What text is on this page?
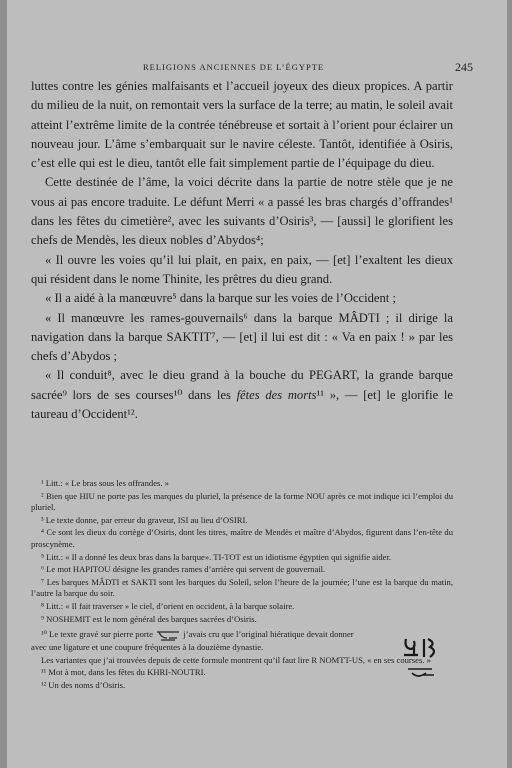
RELIGIONS ANCIENNES DE L’ÉGYPTE	245

luttes contre les génies malfaisants et l’accueil joyeux des dieux propices. A partir du milieu de la nuit, on remontait vers la surface de la terre; au matin, le soleil avait atteint l’extrême limite de la contrée ténébreuse et sortait à l’orient pour éclairer un nouveau jour. L’âme s’embarquait sur le navire céleste. Tantôt, identifiée à Osiris, c’est elle qui est le dieu, tantôt elle fait simplement partie de l’équipage du dieu.

Cette destinée de l’âme, la voici décrite dans la partie de notre stèle que je ne vous ai pas encore traduite. Le défunt Merri « a passé les bras chargés d’offrandes¹ dans les fêtes du cimetière², avec les suivants d’Osiris³, — [aussi] le glorifient les chefs de Mendès, les dieux nobles d’Abydos⁴;

« Il ouvre les voies qu’il lui plait, en paix, en paix, — [et] l’exaltent les dieux qui résident dans le nome Thinite, les prêtres du dieu grand.

« Il a aidé à la manœuvre⁵ dans la barque sur les voies de l’Occident ;

« Il manœuvre les rames-gouvernails⁶ dans la barque MÂDTI ; il dirige la navigation dans la barque SAKTIT⁷, — [et] il lui est dit : « Va en paix ! » par les chefs d’Abydos ;

« Il conduit⁸, avec le dieu grand à la bouche du PEGART, la grande barque sacrée⁹ lors de ses courses¹⁰ dans les fêtes des morts¹¹ », — [et] le glorifie le taureau d’Occident¹².

¹ Litt.: « Le bras sous les offrandes. »

² Bien que HIU ne porte pas les marques du pluriel, la présence de la forme NOU après ce mot indique ici l’emploi du pluriel.

³ Le texte donne, par erreur du graveur, ISI au lieu d’OSIRI.

⁴ Ce sont les dieux du cortège d’Osiris, dont les titres, maître de Mendès et maître d’Abydos, figurent dans l’en-tête du proscynème.

⁵ Litt.: « Il a donné les deux bras dans la barque». TI-TOT est un idiotisme égyptien qui signifie aider.

⁶ Le mot HAPITOU désigne les grandes rames d’arrière qui servent de gouvernail.

⁷ Les barques MÂDTI et SAKTI sont les barques du Soleil, selon l’heure de la journée; l’une est la barque du matin, l’autre la barque du soir.

⁸ Litt.: « Il fait traverser » le ciel, d’orient en occident, à la barque solaire.

⁹ NOSHEMIT est le nom général des barques sacrées d’Osiris.

¹⁰ Le texte gravé sur pierre porte	j’avais cru que l’original hiératique devait donner

avec une ligature et une coupure fréquentes à la douzième dynastie.

Les variantes que j’ai trouvées depuis de cette formule montrent qu’il faut lire R NOMTT-US, « en ses courses. »

¹¹ Mot à mot, dans les fêtes du KHRI-NOUTRI.

¹² Un des noms d’Osiris.
